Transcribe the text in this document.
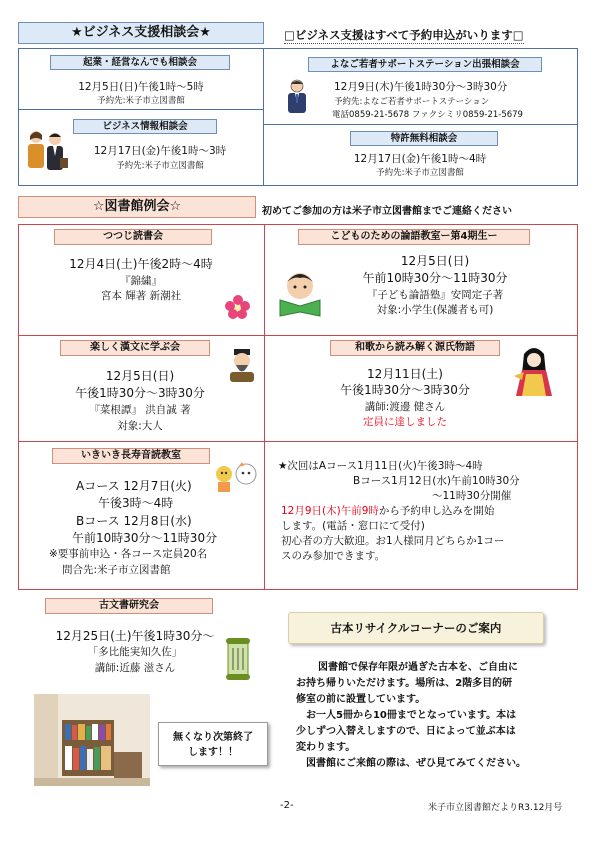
★ビジネス支援相談会★	□ビジネス支援はすべて予約申込がいります□
起業・経営なんでも相談会
12月5日(日)午後1時～5時
予約先:米子市立図書館
よなご若者サポートステーション出張相談会
12月9日(木)午後1時30分～3時30分
予約先:よなご若者サポートステーション
電話0859-21-5678 ファクシミリ0859-21-5679
ビジネス情報相談会
12月17日(金)午後1時～3時
予約先:米子市立図書館
特許無料相談会
12月17日(金)午後1時～4時
予約先:米子市立図書館
☆図書館例会☆	初めてご参加の方は米子市立図書館までご連絡ください
つつじ読書会
12月4日(土)午後2時～4時
『錦繍』
宮本 輝著 新潮社
こどものための論語教室ー第4期生ー
12月5日(日)
午前10時30分～11時30分
『子ども論語塾』安岡定子著
対象:小学生(保護者も可)
楽しく漢文に学ぶ会
12月5日(日)
午後1時30分～3時30分
『菜根譚』 洪自誠 著
対象:大人
和歌から読み解く源氏物語
12月11日(土)
午後1時30分～3時30分
講師:渡邊 健さん
定員に達しました
いきいき長寿音読教室
Aコース 12月7日(火)
午後3時～4時
Bコース 12月8日(水)
午前10時30分～11時30分
※要事前申込・各コース定員20名
問合先:米子市立図書館
★次回はAコース1月11日(火)午後3時～4時
Bコース1月12日(水)午前10時30分
～11時30分開催
12月9日(木)午前9時から予約申し込みを開始
します。(電話・窓口にて受付)
初心者の方大歓迎。お1人様同月どちらか1コー
スのみ参加できます。
古文書研究会
12月25日(土)午後1時30分～
「多比能実知久佐」
講師:近藤 滋さん
古本リサイクルコーナーのご案内
図書館で保存年限が過ぎた古本を、ご自由に
お持ち帰りいただけます。場所は、2階多目的研
修室の前に設置しています。
お一人5冊から10冊までとなっています。本は
少しずつ入替えしますので、日によって並ぶ本は
変わります。
図書館にご来館の際は、ぜひ見てみてください。
無くなり次第終了
します！！
-2-	米子市立図書館だよりR3.12月号
